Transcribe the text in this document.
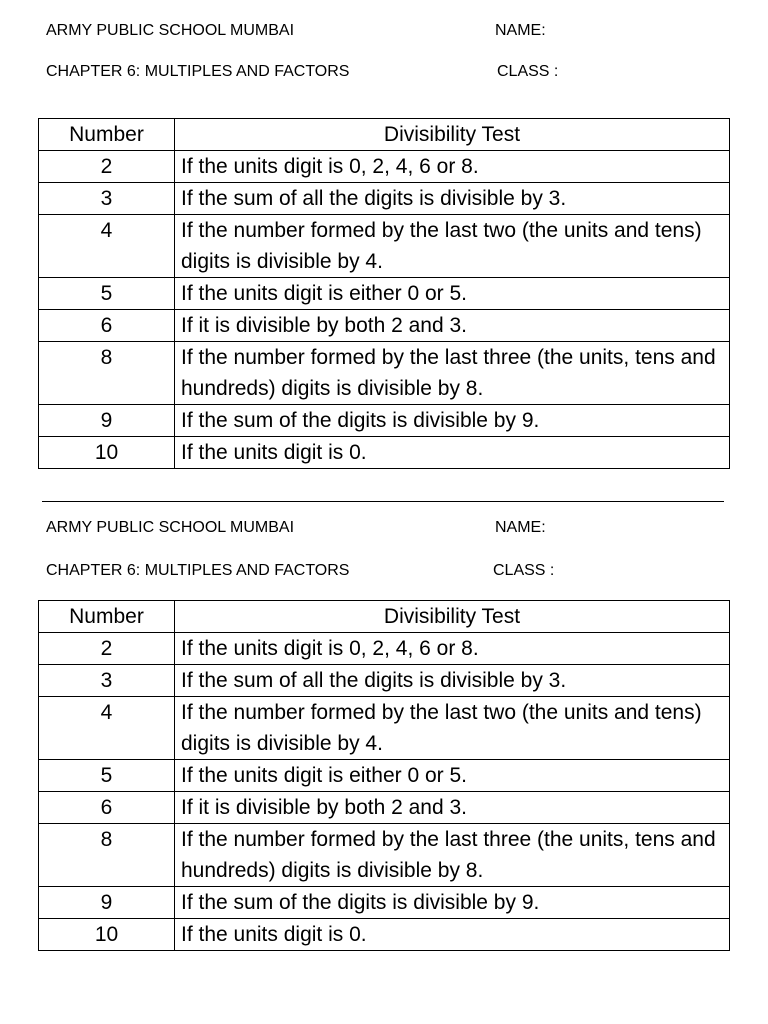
ARMY PUBLIC SCHOOL MUMBAI	NAME:
CHAPTER 6: MULTIPLES AND FACTORS	CLASS :
Number	Divisibility Test
2	If the units digit is 0, 2, 4, 6 or 8.
3	If the sum of all the digits is divisible by 3.
4	If the number formed by the last two (the units and tens) digits is divisible by 4.
5	If the units digit is either 0 or 5.
6	If it is divisible by both 2 and 3.
8	If the number formed by the last three (the units, tens and hundreds) digits is divisible by 8.
9	If the sum of the digits is divisible by 9.
10	If the units digit is 0.
ARMY PUBLIC SCHOOL MUMBAI	NAME:
CHAPTER 6: MULTIPLES AND FACTORS	CLASS :
Number	Divisibility Test
2	If the units digit is 0, 2, 4, 6 or 8.
3	If the sum of all the digits is divisible by 3.
4	If the number formed by the last two (the units and tens) digits is divisible by 4.
5	If the units digit is either 0 or 5.
6	If it is divisible by both 2 and 3.
8	If the number formed by the last three (the units, tens and hundreds) digits is divisible by 8.
9	If the sum of the digits is divisible by 9.
10	If the units digit is 0.
